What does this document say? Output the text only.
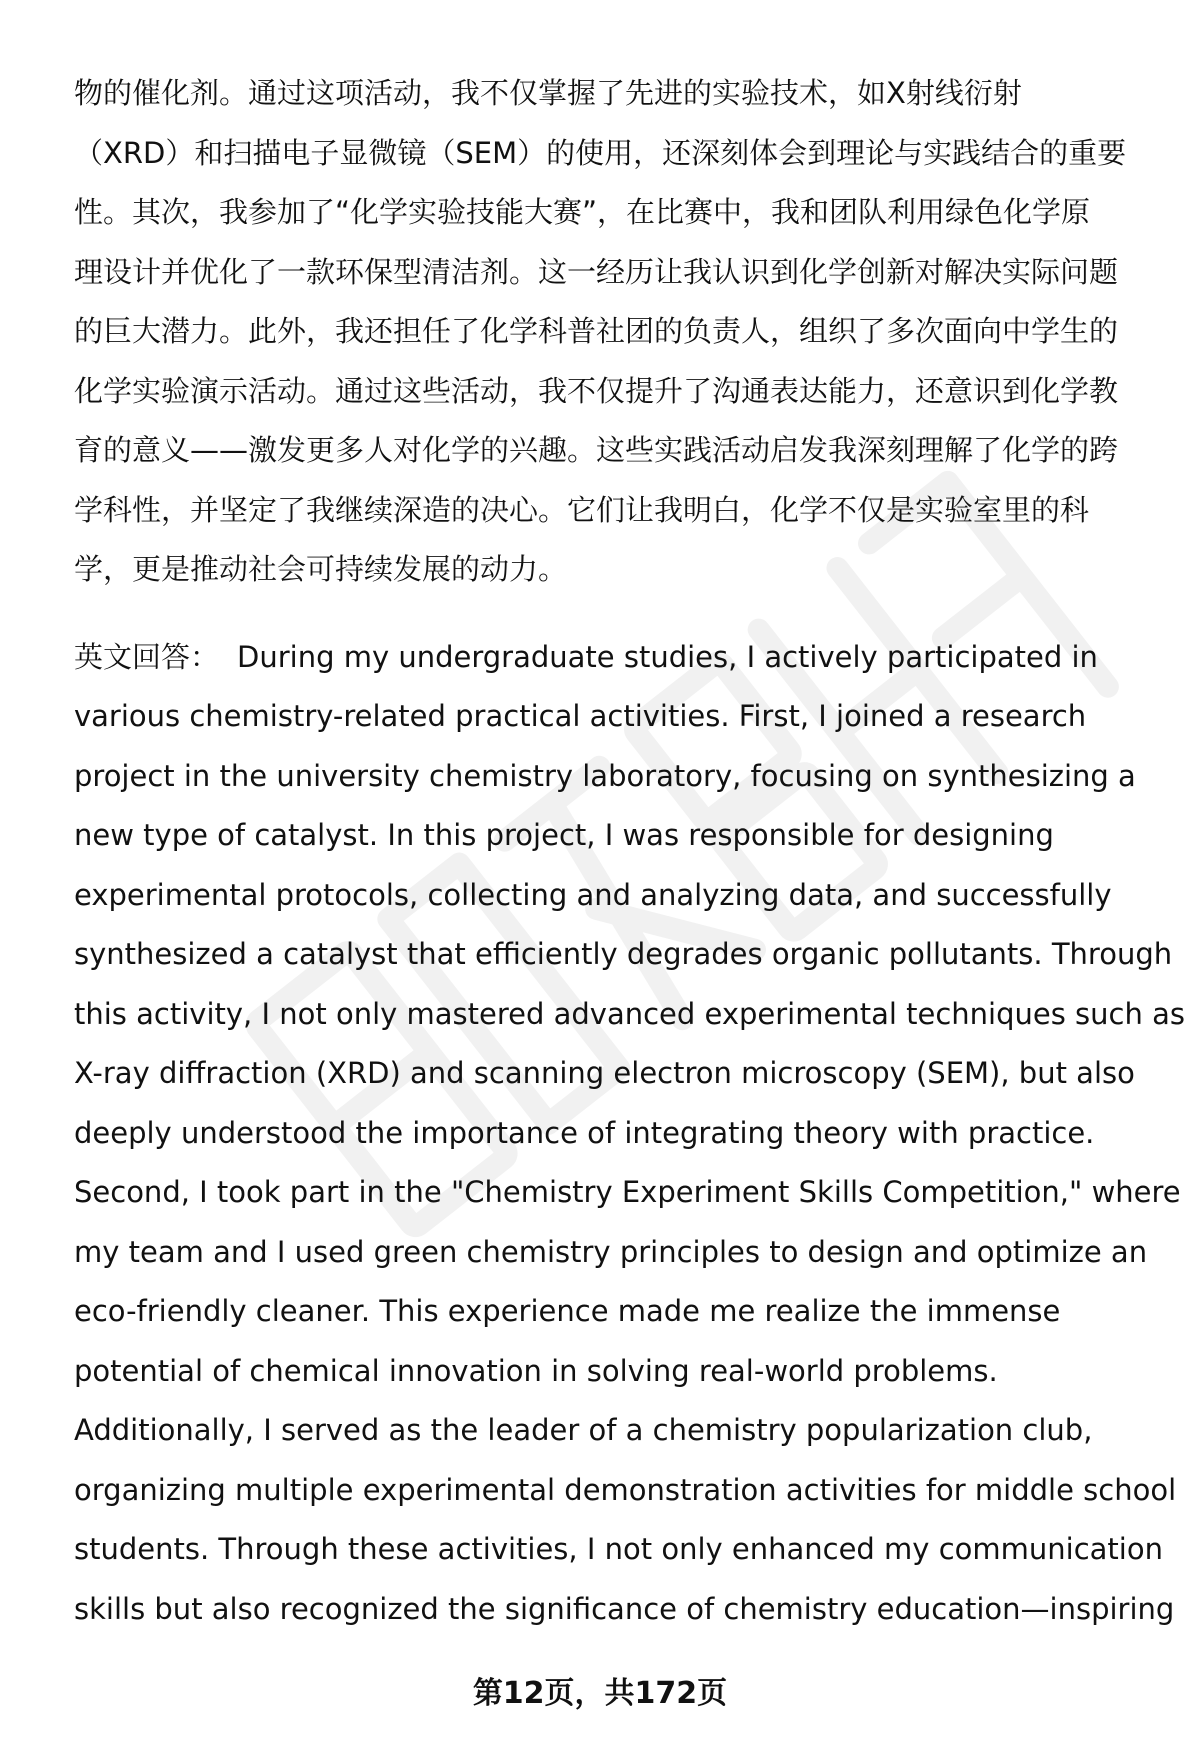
物的催化剂。通过这项活动，我不仅掌握了先进的实验技术，如X射线衍射
（XRD）和扫描电子显微镜（SEM）的使用，还深刻体会到理论与实践结合的重要
性。其次，我参加了“化学实验技能大赛”，在比赛中，我和团队利用绿色化学原
理设计并优化了一款环保型清洁剂。这一经历让我认识到化学创新对解决实际问题
的巨大潜力。此外，我还担任了化学科普社团的负责人，组织了多次面向中学生的
化学实验演示活动。通过这些活动，我不仅提升了沟通表达能力，还意识到化学教
育的意义——激发更多人对化学的兴趣。这些实践活动启发我深刻理解了化学的跨
学科性，并坚定了我继续深造的决心。它们让我明白，化学不仅是实验室里的科
学，更是推动社会可持续发展的动力。
英文回答： During my undergraduate studies, I actively participated in
various chemistry-related practical activities. First, I joined a research
project in the university chemistry laboratory, focusing on synthesizing a
new type of catalyst. In this project, I was responsible for designing
experimental protocols, collecting and analyzing data, and successfully
synthesized a catalyst that efficiently degrades organic pollutants. Through
this activity, I not only mastered advanced experimental techniques such as
X-ray diffraction (XRD) and scanning electron microscopy (SEM), but also
deeply understood the importance of integrating theory with practice.
Second, I took part in the "Chemistry Experiment Skills Competition," where
my team and I used green chemistry principles to design and optimize an
eco-friendly cleaner. This experience made me realize the immense
potential of chemical innovation in solving real-world problems.
Additionally, I served as the leader of a chemistry popularization club,
organizing multiple experimental demonstration activities for middle school
students. Through these activities, I not only enhanced my communication
skills but also recognized the significance of chemistry education—inspiring
第12页，共172页
